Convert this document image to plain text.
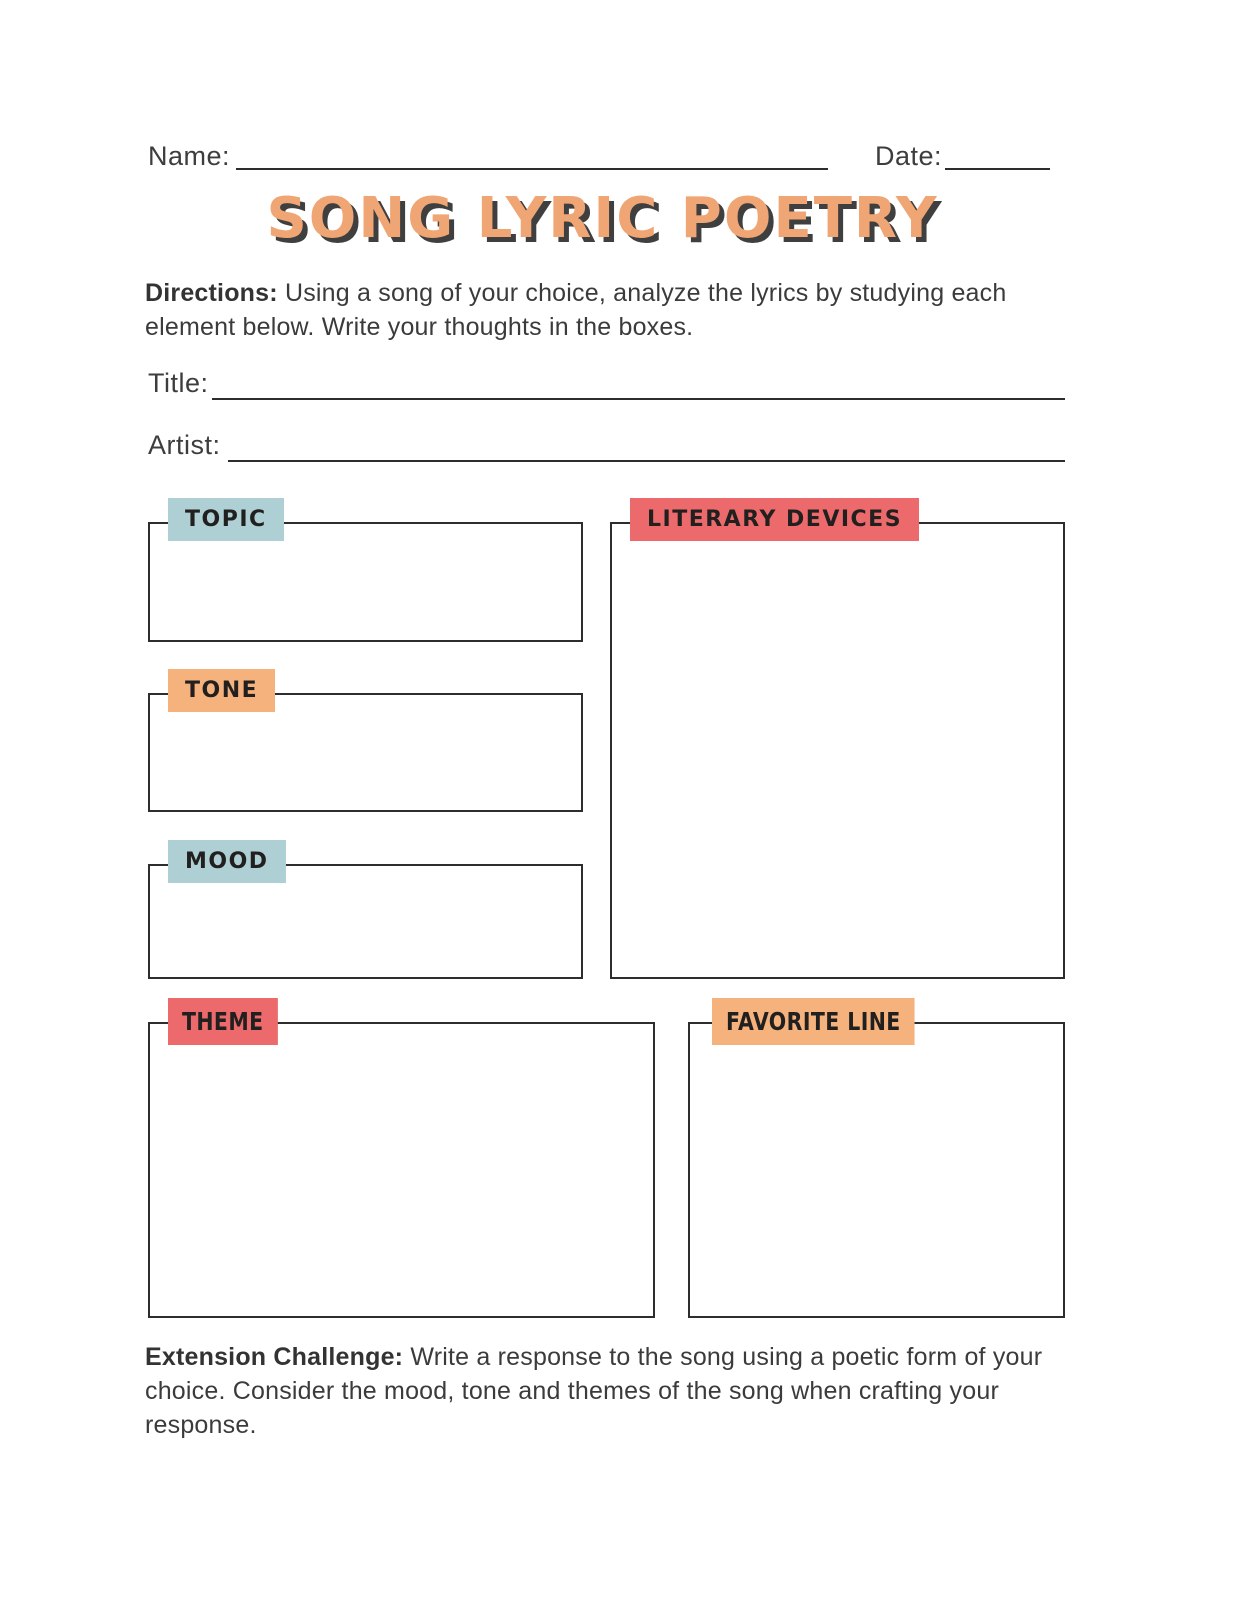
Name:	Date:
SONG LYRIC POETRY

Directions: Using a song of your choice, analyze the lyrics by studying each element below. Write your thoughts in the boxes.

Title:
Artist:
TOPIC	LITERARY DEVICES
TONE
MOOD
THEME	FAVORITE LINE

Extension Challenge: Write a response to the song using a poetic form of your choice. Consider the mood, tone and themes of the song when crafting your response.
